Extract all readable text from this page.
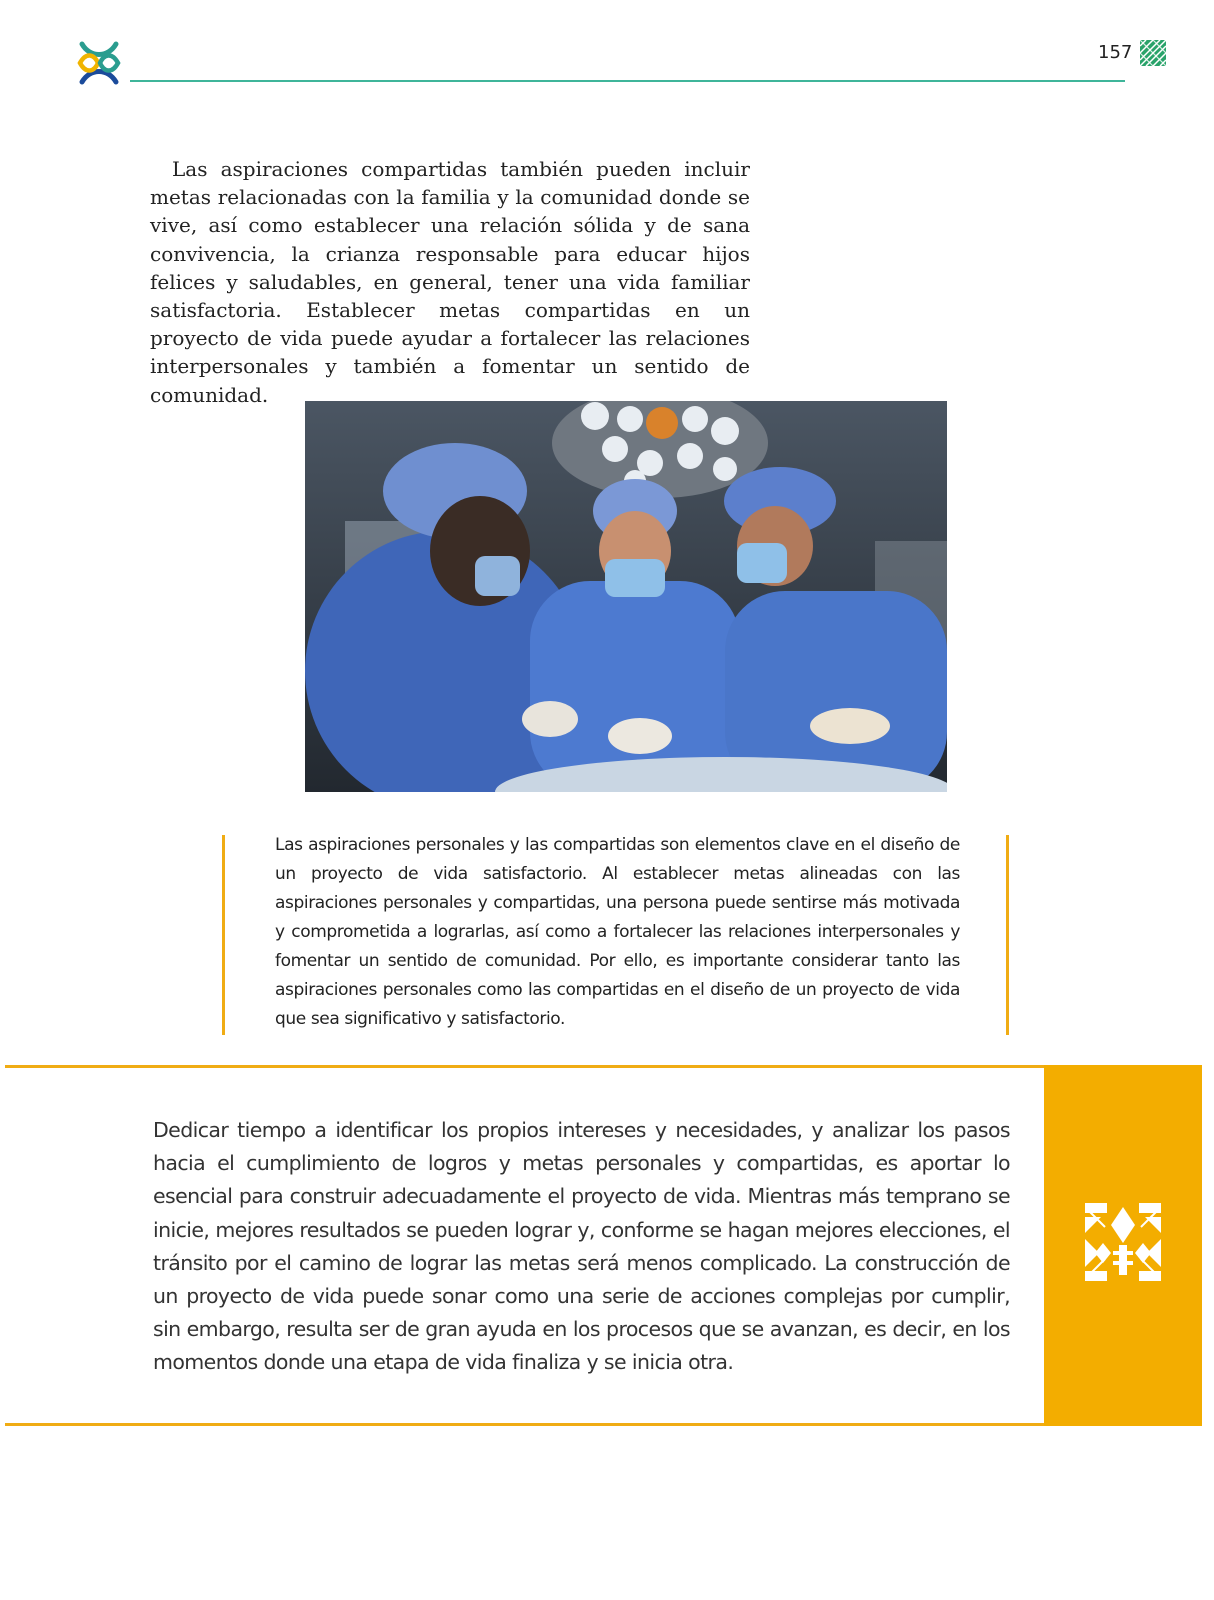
157

Las aspiraciones compartidas también pueden incluir metas relacionadas con la familia y la comunidad donde se vive, así como establecer una relación sólida y de sana convivencia, la crianza responsable para educar hijos felices y saludables, en general, tener una vida familiar satisfactoria. Establecer metas compartidas en un proyecto de vida puede ayudar a fortalecer las relaciones interpersonales y también a fomentar un sentido de comunidad.

Las aspiraciones personales y las compartidas son elementos clave en el diseño de un proyecto de vida satisfactorio. Al establecer metas alineadas con las aspiraciones personales y compartidas, una persona puede sentirse más motivada y comprometida a lograrlas, así como a fortalecer las relaciones interpersonales y fomentar un sentido de comunidad. Por ello, es importante considerar tanto las aspiraciones personales como las compartidas en el diseño de un proyecto de vida que sea significativo y satisfactorio.

Dedicar tiempo a identificar los propios intereses y necesidades, y analizar los pasos hacia el cumplimiento de logros y metas personales y compartidas, es aportar lo esencial para construir adecuadamente el proyecto de vida. Mientras más temprano se inicie, mejores resultados se pueden lograr y, conforme se hagan mejores elecciones, el tránsito por el camino de lograr las metas será menos complicado. La construcción de un proyecto de vida puede sonar como una serie de acciones complejas por cumplir, sin embargo, resulta ser de gran ayuda en los procesos que se avanzan, es decir, en los momentos donde una etapa de vida finaliza y se inicia otra.
